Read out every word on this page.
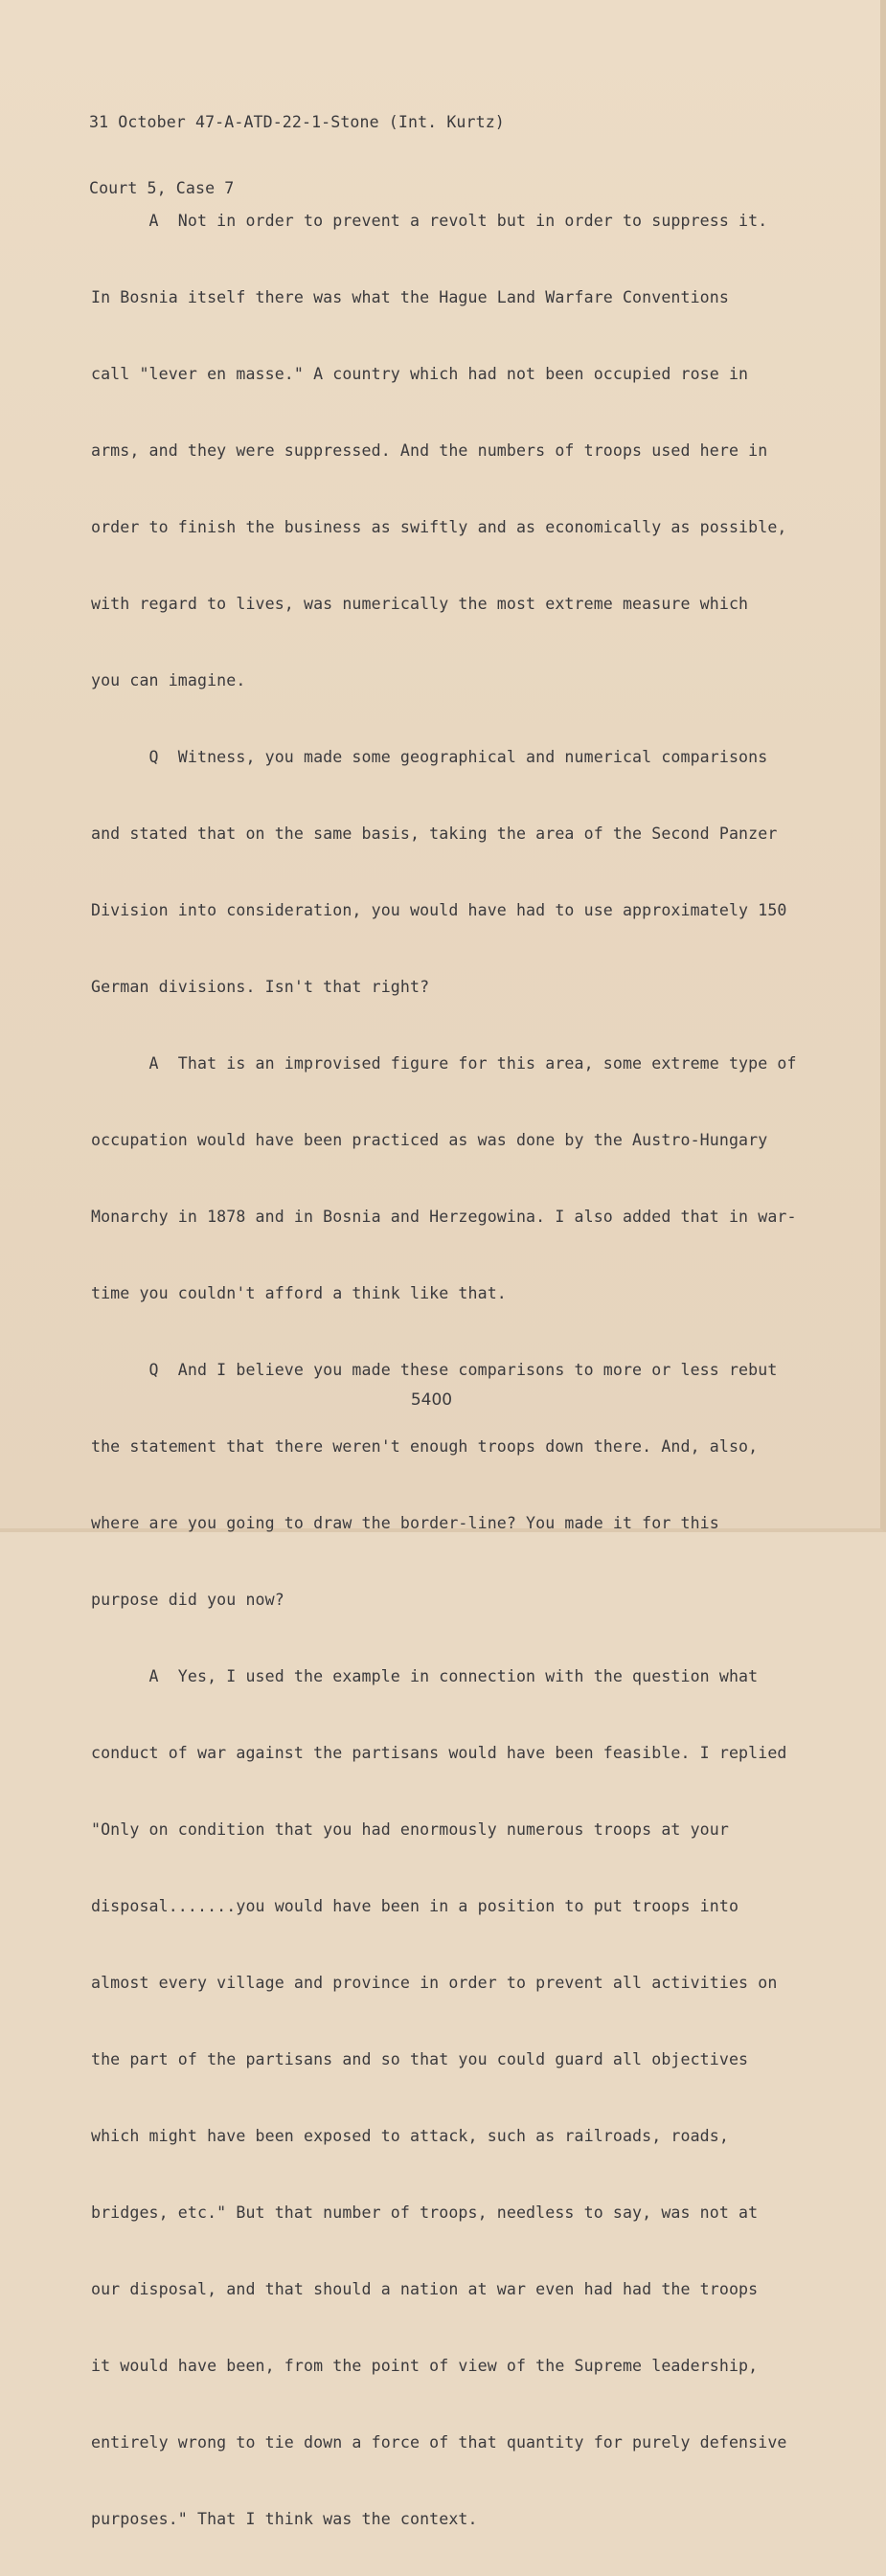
31 October 47-A-ATD-22-1-Stone (Int. Kurtz)

Court 5, Case 7

A  Not in order to prevent a revolt but in order to suppress it.

In Bosnia itself there was what the Hague Land Warfare Conventions

call "lever en masse." A country which had not been occupied rose in

arms, and they were suppressed. And the numbers of troops used here in

order to finish the business as swiftly and as economically as possible,

with regard to lives, was numerically the most extreme measure which

you can imagine.

Q  Witness, you made some geographical and numerical comparisons

and stated that on the same basis, taking the area of the Second Panzer

Division into consideration, you would have had to use approximately 150

German divisions. Isn't that right?

A  That is an improvised figure for this area, some extreme type of

occupation would have been practiced as was done by the Austro-Hungary

Monarchy in 1878 and in Bosnia and Herzegowina. I also added that in war-

time you couldn't afford a think like that.

Q  And I believe you made these comparisons to more or less rebut

the statement that there weren't enough troops down there. And, also,

where are you going to draw the border-line? You made it for this

purpose did you now?

A  Yes, I used the example in connection with the question what

conduct of war against the partisans would have been feasible. I replied

"Only on condition that you had enormously numerous troops at your

disposal.......you would have been in a position to put troops into

almost every village and province in order to prevent all activities on

the part of the partisans and so that you could guard all objectives

which might have been exposed to attack, such as railroads, roads,

bridges, etc." But that number of troops, needless to say, was not at

our disposal, and that should a nation at war even had had the troops

it would have been, from the point of view of the Supreme leadership,

entirely wrong to tie down a force of that quantity for purely defensive

purposes." That I think was the context.

5400
